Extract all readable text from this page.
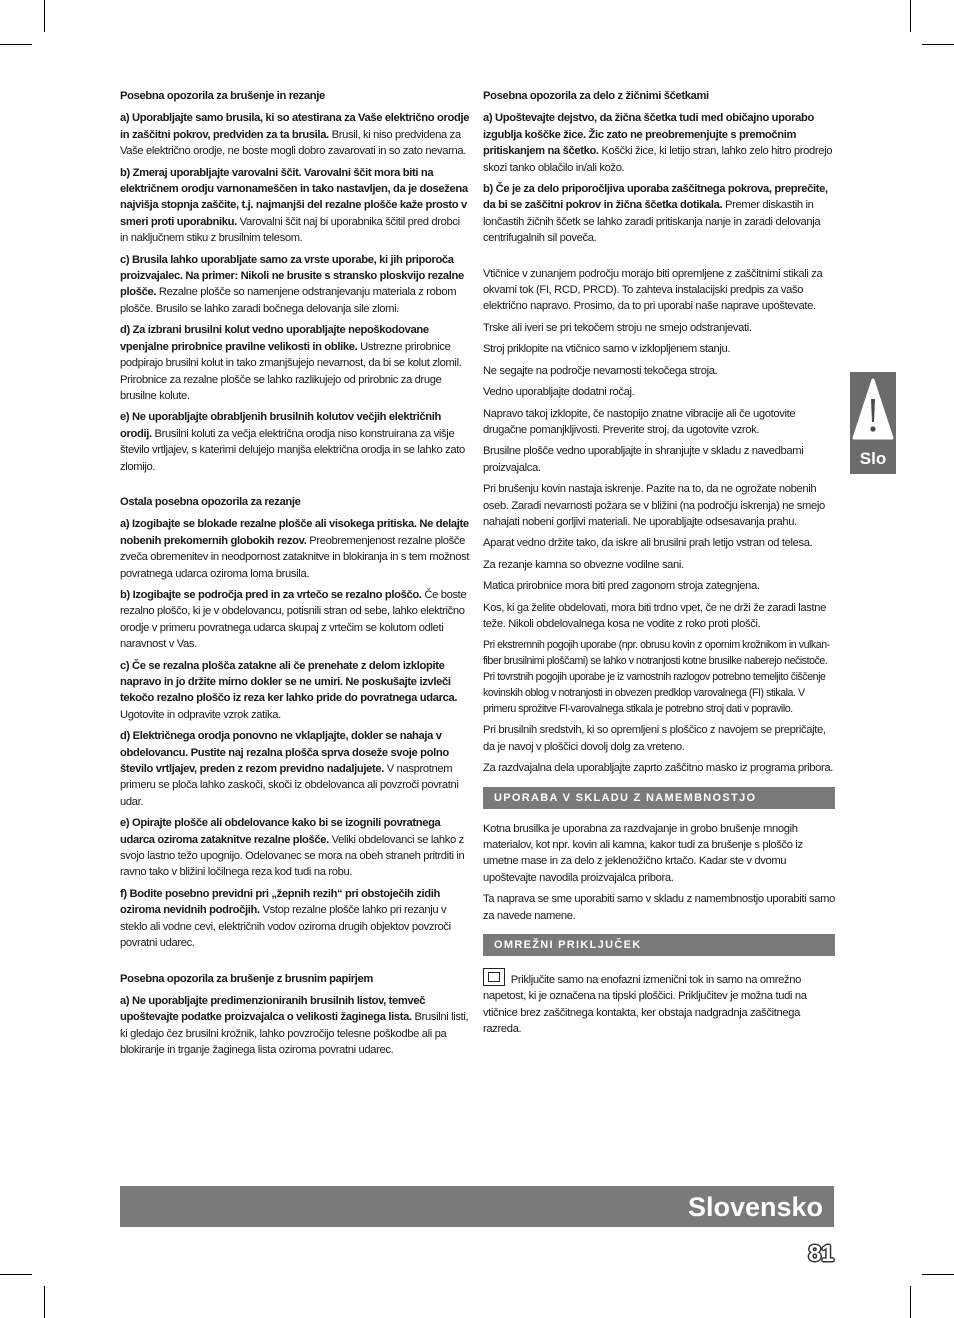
Posebna opozorila za brušenje in rezanje

a) Uporabljajte samo brusila, ki so atestirana za Vaše električno orodje in zaščitni pokrov, predviden za ta brusila. Brusil, ki niso predvidena za Vaše električno orodje, ne boste mogli dobro zavarovati in so zato nevarna.

b) Zmeraj uporabljajte varovalni ščit. Varovalni ščit mora biti na električnem orodju varnonameščen in tako nastavljen, da je dosežena najvišja stopnja zaščite, t.j. najmanjši del rezalne plošče kaže prosto v smeri proti uporabniku. Varovalni ščit naj bi uporabnika ščitil pred drobci in naključnem stiku z brusilnim telesom.

c) Brusila lahko uporabljate samo za vrste uporabe, ki jih priporoča proizvajalec. Na primer: Nikoli ne brusite s stransko ploskvijo rezalne plošče. Rezalne plošče so namenjene odstranjevanju materiala z robom plošče. Brusilo se lahko zaradi bočnega delovanja sile zlomi.

d) Za izbrani brusilni kolut vedno uporabljajte nepoškodovane vpenjalne prirobnice pravilne velikosti in oblike. Ustrezne prirobnice podpirajo brusilni kolut in tako zmanjšujejo nevarnost, da bi se kolut zlomil. Prirobnice za rezalne plošče se lahko razlikujejo od prirobnic za druge brusilne kolute.

e) Ne uporabljajte obrabljenih brusilnih kolutov večjih električnih orodij. Brusilni koluti za večja električna orodja niso konstruirana za višje število vrtljajev, s katerimi delujejo manjša električna orodja in se lahko zato zlomijo.

Ostala posebna opozorila za rezanje

a) Izogibajte se blokade rezalne plošče ali visokega pritiska. Ne delajte nobenih prekomernih globokih rezov. Preobremenjenost rezalne plošče zveča obremenitev in neodpornost zataknitve in blokiranja in s tem možnost povratnega udarca oziroma loma brusila.

b) Izogibajte se področja pred in za vrtečo se rezalno ploščo. Če boste rezalno ploščo, ki je v obdelovancu, potisnili stran od sebe, lahko električno orodje v primeru povratnega udarca skupaj z vrtečim se kolutom odleti naravnost v Vas.

c) Če se rezalna plošča zatakne ali če prenehate z delom izklopite napravo in jo držite mirno dokler se ne umiri. Ne poskušajte izvleči tekočo rezalno ploščo iz reza ker lahko pride do povratnega udarca. Ugotovite in odpravite vzrok zatika.

d) Električnega orodja ponovno ne vklapljajte, dokler se nahaja v obdelovancu. Pustite naj rezalna plošča sprva doseže svoje polno število vrtljajev, preden z rezom previdno nadaljujete. V nasprotnem primeru se ploča lahko zaskoči, skoči iz obdelovanca ali povzroči povratni udar.

e) Opirajte plošče ali obdelovance kako bi se izognili povratnega udarca oziroma zataknitve rezalne plošče. Veliki obdelovanci se lahko z svojo lastno težo upognijo. Odelovanec se mora na obeh straneh pritrditi in ravno tako v bližini ločilnega reza kod tudi na robu.

f) Bodite posebno previdni pri „žepnih rezih“ pri obstoječih zidih oziroma nevidnih področjih. Vstop rezalne plošče lahko pri rezanju v steklo ali vodne cevi, električnih vodov oziroma drugih objektov povzroči povratni udarec.

Posebna opozorila za brušenje z brusnim papirjem

a) Ne uporabljajte predimenzioniranih brusilnih listov, temveč upoštevajte podatke proizvajalca o velikosti žaginega lista. Brusilni listi, ki gledajo čez brusilni krožnik, lahko povzročijo telesne poškodbe ali pa blokiranje in trganje žaginega lista oziroma povratni udarec.

Posebna opozorila za delo z žičnimi ščetkami

a) Upoštevajte dejstvo, da žična ščetka tudi med običajno uporabo izgublja koščke žice. Žic zato ne preobremenjujte s premočnim pritiskanjem na ščetko. Koščki žice, ki letijo stran, lahko zelo hitro prodrejo skozi tanko oblačilo in/ali kožo.

b) Če je za delo priporočljiva uporaba zaščitnega pokrova, preprečite, da bi se zaščitni pokrov in žična ščetka dotikala. Premer diskastih in lončastih žičnih ščetk se lahko zaradi pritiskanja nanje in zaradi delovanja centrifugalnih sil poveča.

Vtičnice v zunanjem področju morajo biti opremljene z zaščitnimi stikali za okvarni tok (FI, RCD, PRCD). To zahteva instalacijski predpis za vašo električno napravo. Prosimo, da to pri uporabi naše naprave upoštevate.

Trske ali iveri se pri tekočem stroju ne smejo odstranjevati.

Stroj priklopite na vtičnico samo v izklopljenem stanju.

Ne segajte na področje nevarnosti tekočega stroja.

Vedno uporabljajte dodatni ročaj.

Napravo takoj izklopite, če nastopijo znatne vibracije ali če ugotovite drugačne pomanjkljivosti. Preverite stroj, da ugotovite vzrok.

Brusilne plošče vedno uporabljajte in shranjujte v skladu z navedbami proizvajalca.

Pri brušenju kovin nastaja iskrenje. Pazite na to, da ne ogrožate nobenih oseb. Zaradi nevarnosti požara se v bližini (na področju iskrenja) ne smejo nahajati nobeni gorljivi materiali. Ne uporabljajte odsesavanja prahu.

Aparat vedno držite tako, da iskre ali brusilni prah letijo vstran od telesa.

Za rezanje kamna so obvezne vodilne sani.

Matica prirobnice mora biti pred zagonom stroja zategnjena.

Kos, ki ga želite obdelovati, mora biti trdno vpet, če ne drži že zaradi lastne teže. Nikoli obdelovalnega kosa ne vodite z roko proti plošči.

Pri ekstremnih pogojih uporabe (npr. obrusu kovin z opornim krožnikom in vulkan-fiber brusilnimi ploščami) se lahko v notranjosti kotne brusilke naberejo nečistoče. Pri tovrstnih pogojih uporabe je iz varnostnih razlogov potrebno temeljito čiščenje kovinskih oblog v notranjosti in obvezen predklop varovalnega (FI) stikala. V primeru sprožitve FI-varovalnega stikala je potrebno stroj dati v popravilo.

Pri brusilnih sredstvih, ki so opremljeni s ploščico z navojem se prepričajte, da je navoj v ploščici dovolj dolg za vreteno.

Za razdvajalna dela uporabljajte zaprto zaščitno masko iz programa pribora.

UPORABA V SKLADU Z NAMEMBNOSTJO

Kotna brusilka je uporabna za razdvajanje in grobo brušenje mnogih materialov, kot npr. kovin ali kamna, kakor tudi za brušenje s ploščo iz umetne mase in za delo z jeklenožično krtačo. Kadar ste v dvomu upoštevajte navodila proizvajalca pribora.

Ta naprava se sme uporabiti samo v skladu z namembnostjo uporabiti samo za navede namene.

OMREŽNI PRIKLJUČEK

Priključite samo na enofazni izmenični tok in samo na omrežno napetost, ki je označena na tipski ploščici. Priključitev je možna tudi na vtičnice brez zaščitnega kontakta, ker obstaja nadgradnja zaščitnega razreda.

Slo
Slovensko
81
